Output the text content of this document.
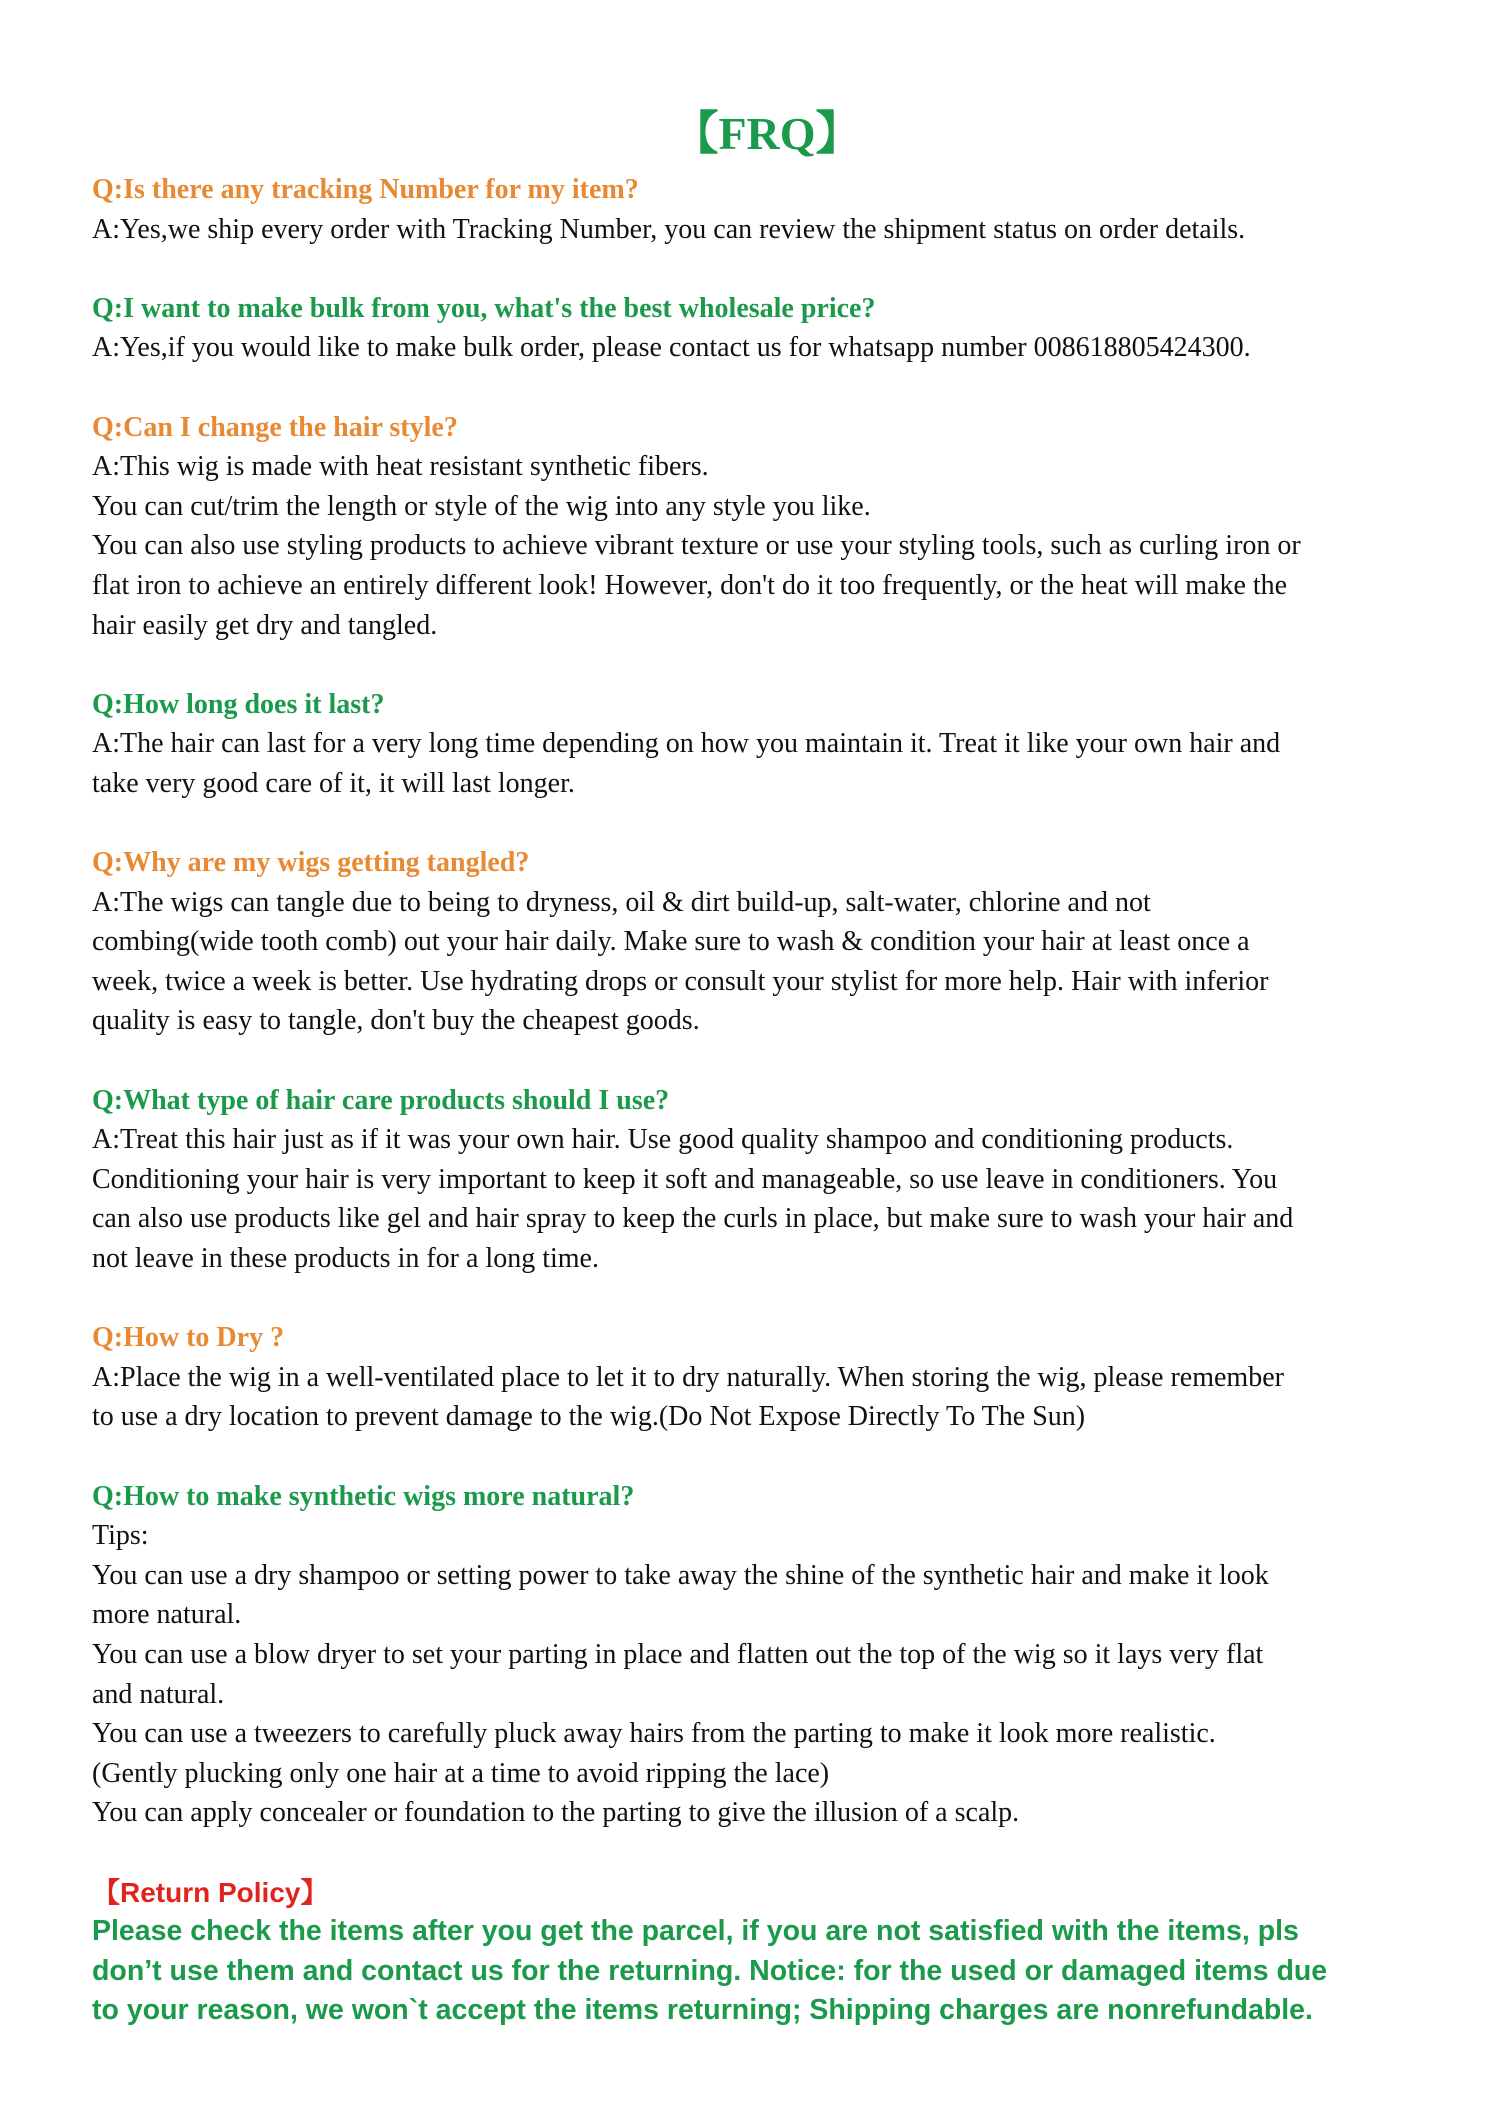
【FRQ】

Q:Is there any tracking Number for my item?

A:Yes,we ship every order with Tracking Number, you can review the shipment status on order details.

Q:I want to make bulk from you, what's the best wholesale price?

A:Yes,if you would like to make bulk order, please contact us for whatsapp number 008618805424300.

Q:Can I change the hair style?

A:This wig is made with heat resistant synthetic fibers.
You can cut/trim the length or style of the wig into any style you like.
You can also use styling products to achieve vibrant texture or use your styling tools, such as curling iron or
flat iron to achieve an entirely different look! However, don't do it too frequently, or the heat will make the
hair easily get dry and tangled.

Q:How long does it last?

A:The hair can last for a very long time depending on how you maintain it. Treat it like your own hair and
take very good care of it, it will last longer.

Q:Why are my wigs getting tangled?

A:The wigs can tangle due to being to dryness, oil & dirt build-up, salt-water, chlorine and not
combing(wide tooth comb) out your hair daily. Make sure to wash & condition your hair at least once a
week, twice a week is better. Use hydrating drops or consult your stylist for more help. Hair with inferior
quality is easy to tangle, don't buy the cheapest goods.

Q:What type of hair care products should I use?

A:Treat this hair just as if it was your own hair. Use good quality shampoo and conditioning products.
Conditioning your hair is very important to keep it soft and manageable, so use leave in conditioners. You
can also use products like gel and hair spray to keep the curls in place, but make sure to wash your hair and
not leave in these products in for a long time.

Q:How to Dry ?

A:Place the wig in a well-ventilated place to let it to dry naturally. When storing the wig, please remember
to use a dry location to prevent damage to the wig.(Do Not Expose Directly To The Sun)

Q:How to make synthetic wigs more natural?

Tips:
You can use a dry shampoo or setting power to take away the shine of the synthetic hair and make it look
more natural.
You can use a blow dryer to set your parting in place and flatten out the top of the wig so it lays very flat
and natural.
You can use a tweezers to carefully pluck away hairs from the parting to make it look more realistic.
(Gently plucking only one hair at a time to avoid ripping the lace)
You can apply concealer or foundation to the parting to give the illusion of a scalp.

【Return Policy】

Please check the items after you get the parcel, if you are not satisfied with the items, pls
don’t use them and contact us for the returning. Notice: for the used or damaged items due
to your reason, we won`t accept the items returning; Shipping charges are nonrefundable.
